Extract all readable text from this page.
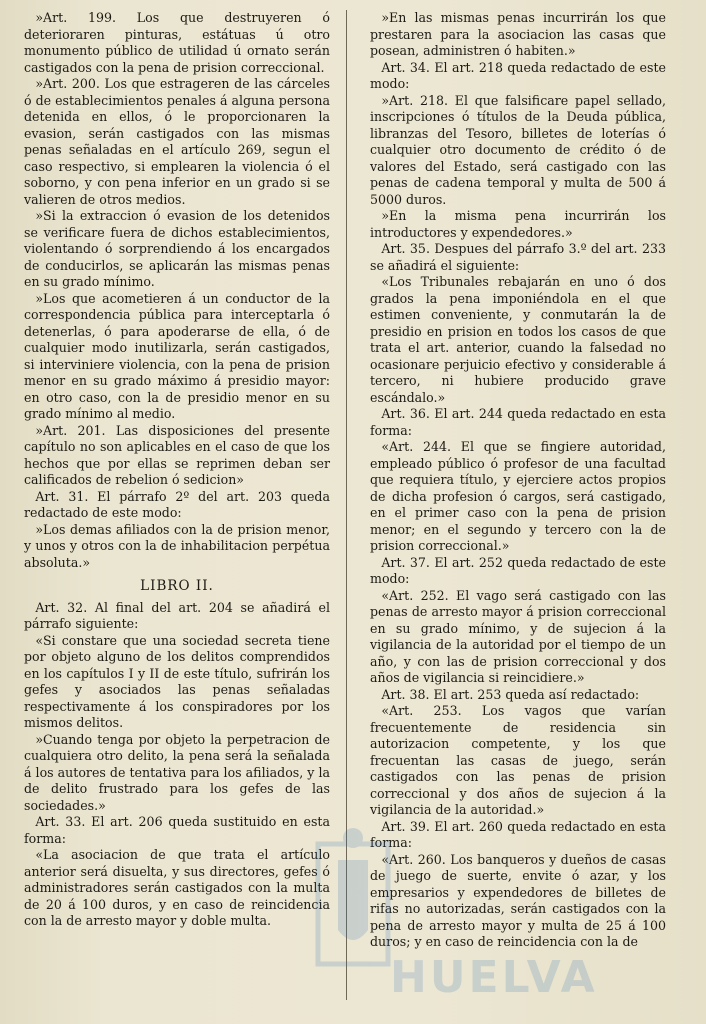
»Art. 199. Los que destruyeren ó deterioraren pinturas, estátuas ú otro monumento público de utilidad ú ornato serán castigados con la pena de prision correccional.

»Art. 200. Los que estrageren de las cárceles ó de establecimientos penales á alguna persona detenida en ellos, ó le proporcionaren la evasion, serán castigados con las mismas penas señaladas en el artículo 269, segun el caso respectivo, si emplearen la violencia ó el soborno, y con pena inferior en un grado si se valieren de otros medios.

»Si la extraccion ó evasion de los detenidos se verificare fuera de dichos establecimientos, violentando ó sorprendiendo á los encargados de conducirlos, se aplicarán las mismas penas en su grado mínimo.

»Los que acometieren á un conductor de la correspondencia pública para interceptarla ó detenerlas, ó para apoderarse de ella, ó de cualquier modo inutilizarla, serán castigados, si interviniere violencia, con la pena de prision menor en su grado máximo á presidio mayor: en otro caso, con la de presidio menor en su grado mínimo al medio.

»Art. 201. Las disposiciones del presente capítulo no son aplicables en el caso de que los hechos que por ellas se reprimen deban ser calificados de rebelion ó sedicion»

Art. 31. El párrafo 2º del art. 203 queda redactado de este modo:

»Los demas afiliados con la de prision menor, y unos y otros con la de inhabilitacion perpétua absoluta.»

LIBRO II.

Art. 32. Al final del art. 204 se añadirá el párrafo siguiente:

«Si constare que una sociedad secreta tiene por objeto alguno de los delitos comprendidos en los capítulos I y II de este título, sufrirán los gefes y asociados las penas señaladas respectivamente á los conspiradores por los mismos delitos.

»Cuando tenga por objeto la perpetracion de cualquiera otro delito, la pena será la señalada á los autores de tentativa para los afiliados, y la de delito frustrado para los gefes de las sociedades.»

Art. 33. El art. 206 queda sustituido en esta forma:

«La asociacion de que trata el artículo anterior será disuelta, y sus directores, gefes ó administradores serán castigados con la multa de 20 á 100 duros, y en caso de reincidencia con la de arresto mayor y doble multa.

»En las mismas penas incurrirán los que prestaren para la asociacion las casas que posean, administren ó habiten.»

Art. 34. El art. 218 queda redactado de este modo:

»Art. 218. El que falsificare papel sellado, inscripciones ó títulos de la Deuda pública, libranzas del Tesoro, billetes de loterías ó cualquier otro documento de crédito ó de valores del Estado, será castigado con las penas de cadena temporal y multa de 500 á 5000 duros.

»En la misma pena incurrirán los introductores y expendedores.»

Art. 35. Despues del párrafo 3.º del art. 233 se añadirá el siguiente:

«Los Tribunales rebajarán en uno ó dos grados la pena imponiéndola en el que estimen conveniente, y conmutarán la de presidio en prision en todos los casos de que trata el art. anterior, cuando la falsedad no ocasionare perjuicio efectivo y considerable á tercero, ni hubiere producido grave escándalo.»

Art. 36. El art. 244 queda redactado en esta forma:

«Art. 244. El que se fingiere autoridad, empleado público ó profesor de una facultad que requiera título, y ejerciere actos propios de dicha profesion ó cargos, será castigado, en el primer caso con la pena de prision menor; en el segundo y tercero con la de prision correccional.»

Art. 37. El art. 252 queda redactado de este modo:

«Art. 252. El vago será castigado con las penas de arresto mayor á prision correccional en su grado mínimo, y de sujecion á la vigilancia de la autoridad por el tiempo de un año, y con las de prision correccional y dos años de vigilancia si reincidiere.»

Art. 38. El art. 253 queda así redactado:

«Art. 253. Los vagos que varían frecuentemente de residencia sin autorizacion competente, y los que frecuentan las casas de juego, serán castigados con las penas de prision correccional y dos años de sujecion á la vigilancia de la autoridad.»

Art. 39. El art. 260 queda redactado en esta forma:

«Art. 260. Los banqueros y dueños de casas de juego de suerte, envite ó azar, y los empresarios y expendedores de billetes de rifas no autorizadas, serán castigados con la pena de arresto mayor y multa de 25 á 100 duros; y en caso de reincidencia con la de

HUELVA
